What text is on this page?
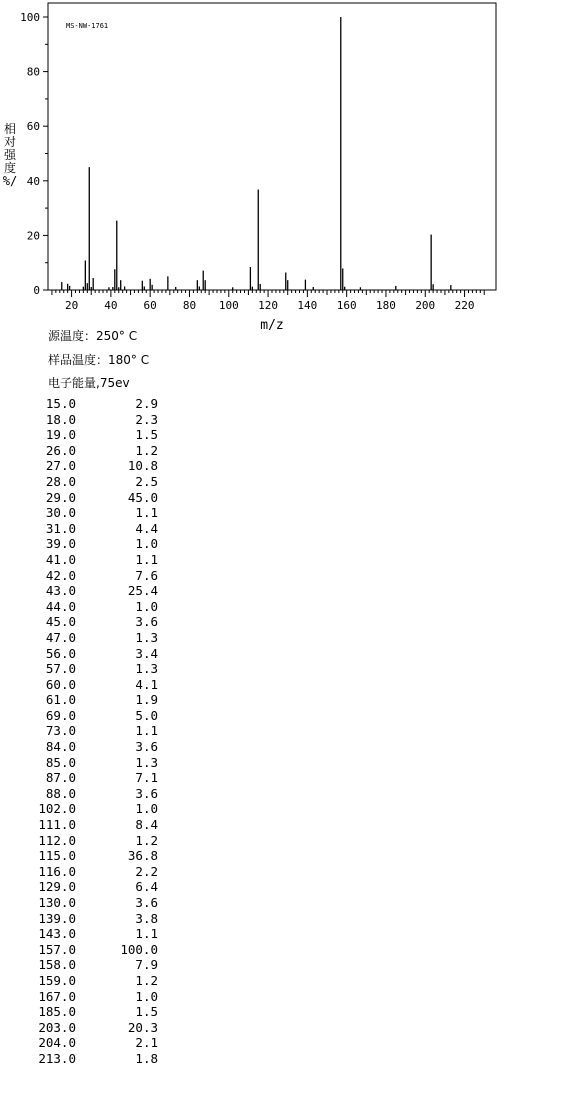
MS-NW-1761
相
对
强
度
%/
m/z
0
20
40
60
80
100
20 40 60 80 100 120 140 160 180 200 220
源温度：250° C
样品温度：180° C
电子能量,75ev
15.0	2.9
18.0	2.3
19.0	1.5
26.0	1.2
27.0	10.8
28.0	2.5
29.0	45.0
30.0	1.1
31.0	4.4
39.0	1.0
41.0	1.1
42.0	7.6
43.0	25.4
44.0	1.0
45.0	3.6
47.0	1.3
56.0	3.4
57.0	1.3
60.0	4.1
61.0	1.9
69.0	5.0
73.0	1.1
84.0	3.6
85.0	1.3
87.0	7.1
88.0	3.6
102.0	1.0
111.0	8.4
112.0	1.2
115.0	36.8
116.0	2.2
129.0	6.4
130.0	3.6
139.0	3.8
143.0	1.1
157.0	100.0
158.0	7.9
159.0	1.2
167.0	1.0
185.0	1.5
203.0	20.3
204.0	2.1
213.0	1.8
